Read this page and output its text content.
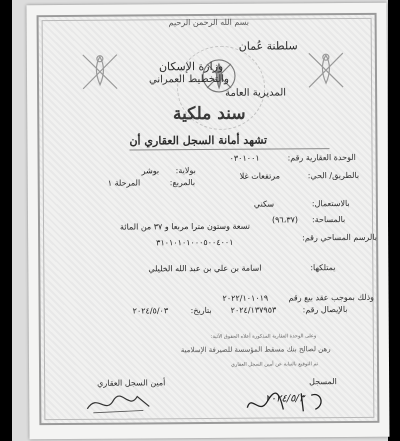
بسم الله الرحمن الرحيم
سلطنة عُمان
المديرية العامة
وزارة الإسكان
والتخطيط العمراني
سند ملكية
تشهد أمانة السجل العقاري أن
الوحدة العقارية رقم:
٠٣٠١٠٠١
بولاية:
بوشر
بالطريق/ الحي:
مرتفعات غلا
بالمربع:
المرحلة ١
بالاستعمال:
سكني
بالمساحة:
(٩٦،٣٧)
تسعة وستون مترا مربعا و ٣٧ من المائة
بالرسم المساحي رقم:
٣١٠١٠١٠١٠٠٠٥٠٠٤٠٠١
يمتلكها:
اسامة بن علي بن عبد الله الخليلي
وذلك بموجب عقد بيع رقم
٢٠٢٢/١٠١٠١٩
بالإيصال رقم:
٢٠٢٤/١٣٧٩٥٣
بتاريخ:
٢٠٢٤/٥/٠٣
وعلى الوحدة العقارية المذكورة أعلاه الحقوق الآتية:
رهن لصالح بنك مسقط المؤسسة للصيرفة الإسلامية
تم التوقيع بالنيابة عن أمين السجل العقاري
المسجل
أمين السجل العقاري
٢٠٢٤/٥/٣
